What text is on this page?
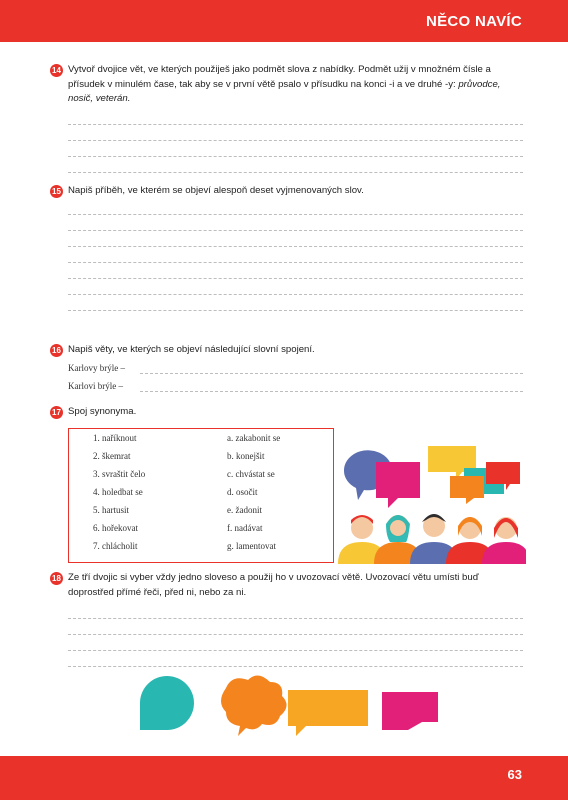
NĚCO NAVÍC
63
14 Vytvoř dvojice vět, ve kterých použiješ jako podmět slova z nabídky. Podmět užij v množném čísle a přísudek v minulém čase, tak aby se v první větě psalo v přísudku na konci -i a ve druhé -y: průvodce, nosič, veterán.
15 Napiš příběh, ve kterém se objeví alespoň deset vyjmenovaných slov.
16 Napiš věty, ve kterých se objeví následující slovní spojení.
Karlovy brýle –
Karlovi brýle –
17 Spoj synonyma.
1. naříknout
2. škemrat
3. svraštit čelo
4. holedbat se
5. hartusit
6. hořekovat
7. chlácholit
a. zakabonit se
b. konejšit
c. chvástat se
d. osočit
e. žadonit
f. nadávat
g. lamentovat
18 Ze tří dvojic si vyber vždy jedno sloveso a použij ho v uvozovací větě. Uvozovací větu umísti buď doprostřed přímé řeči, před ni, nebo za ni.
